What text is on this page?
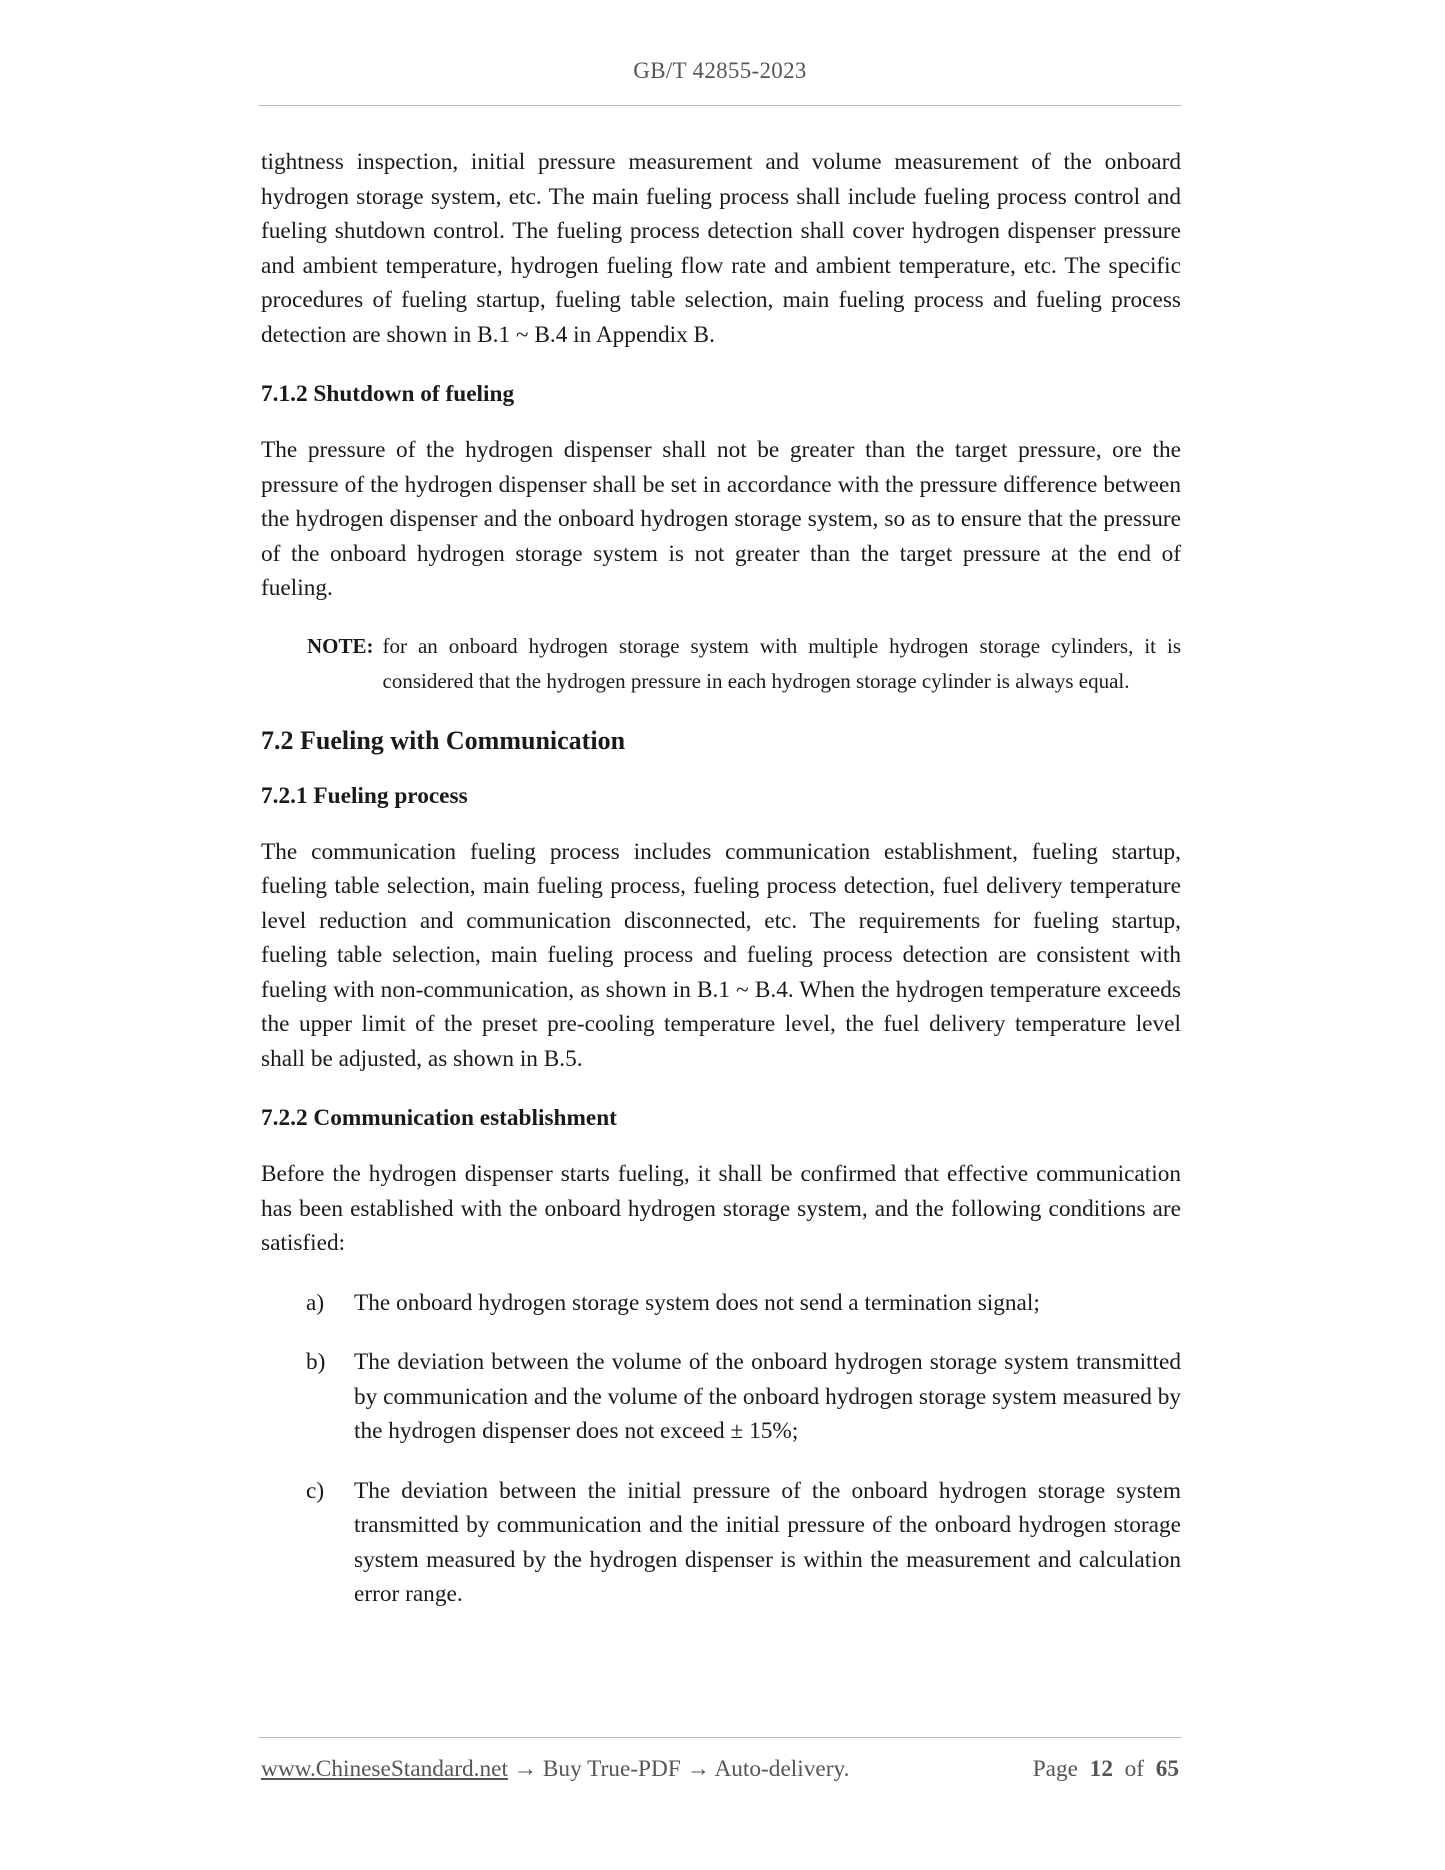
GB/T 42855-2023

tightness inspection, initial pressure measurement and volume measurement of the onboard hydrogen storage system, etc. The main fueling process shall include fueling process control and fueling shutdown control. The fueling process detection shall cover hydrogen dispenser pressure and ambient temperature, hydrogen fueling flow rate and ambient temperature, etc. The specific procedures of fueling startup, fueling table selection, main fueling process and fueling process detection are shown in B.1 ~ B.4 in Appendix B.

7.1.2 Shutdown of fueling

The pressure of the hydrogen dispenser shall not be greater than the target pressure, ore the pressure of the hydrogen dispenser shall be set in accordance with the pressure difference between the hydrogen dispenser and the onboard hydrogen storage system, so as to ensure that the pressure of the onboard hydrogen storage system is not greater than the target pressure at the end of fueling.

NOTE: for an onboard hydrogen storage system with multiple hydrogen storage cylinders, it is considered that the hydrogen pressure in each hydrogen storage cylinder is always equal.
7.2 Fueling with Communication
7.2.1 Fueling process

The communication fueling process includes communication establishment, fueling startup, fueling table selection, main fueling process, fueling process detection, fuel delivery temperature level reduction and communication disconnected, etc. The requirements for fueling startup, fueling table selection, main fueling process and fueling process detection are consistent with fueling with non-communication, as shown in B.1 ~ B.4. When the hydrogen temperature exceeds the upper limit of the preset pre-cooling temperature level, the fuel delivery temperature level shall be adjusted, as shown in B.5.

7.2.2 Communication establishment

Before the hydrogen dispenser starts fueling, it shall be confirmed that effective communication has been established with the onboard hydrogen storage system, and the following conditions are satisfied:

a)	The onboard hydrogen storage system does not send a termination signal;
b)	The deviation between the volume of the onboard hydrogen storage system transmitted by communication and the volume of the onboard hydrogen storage system measured by the hydrogen dispenser does not exceed ± 15%;
c)	The deviation between the initial pressure of the onboard hydrogen storage system transmitted by communication and the initial pressure of the onboard hydrogen storage system measured by the hydrogen dispenser is within the measurement and calculation error range.
www.ChineseStandard.net → Buy True-PDF → Auto-delivery.	Page 12 of 65
